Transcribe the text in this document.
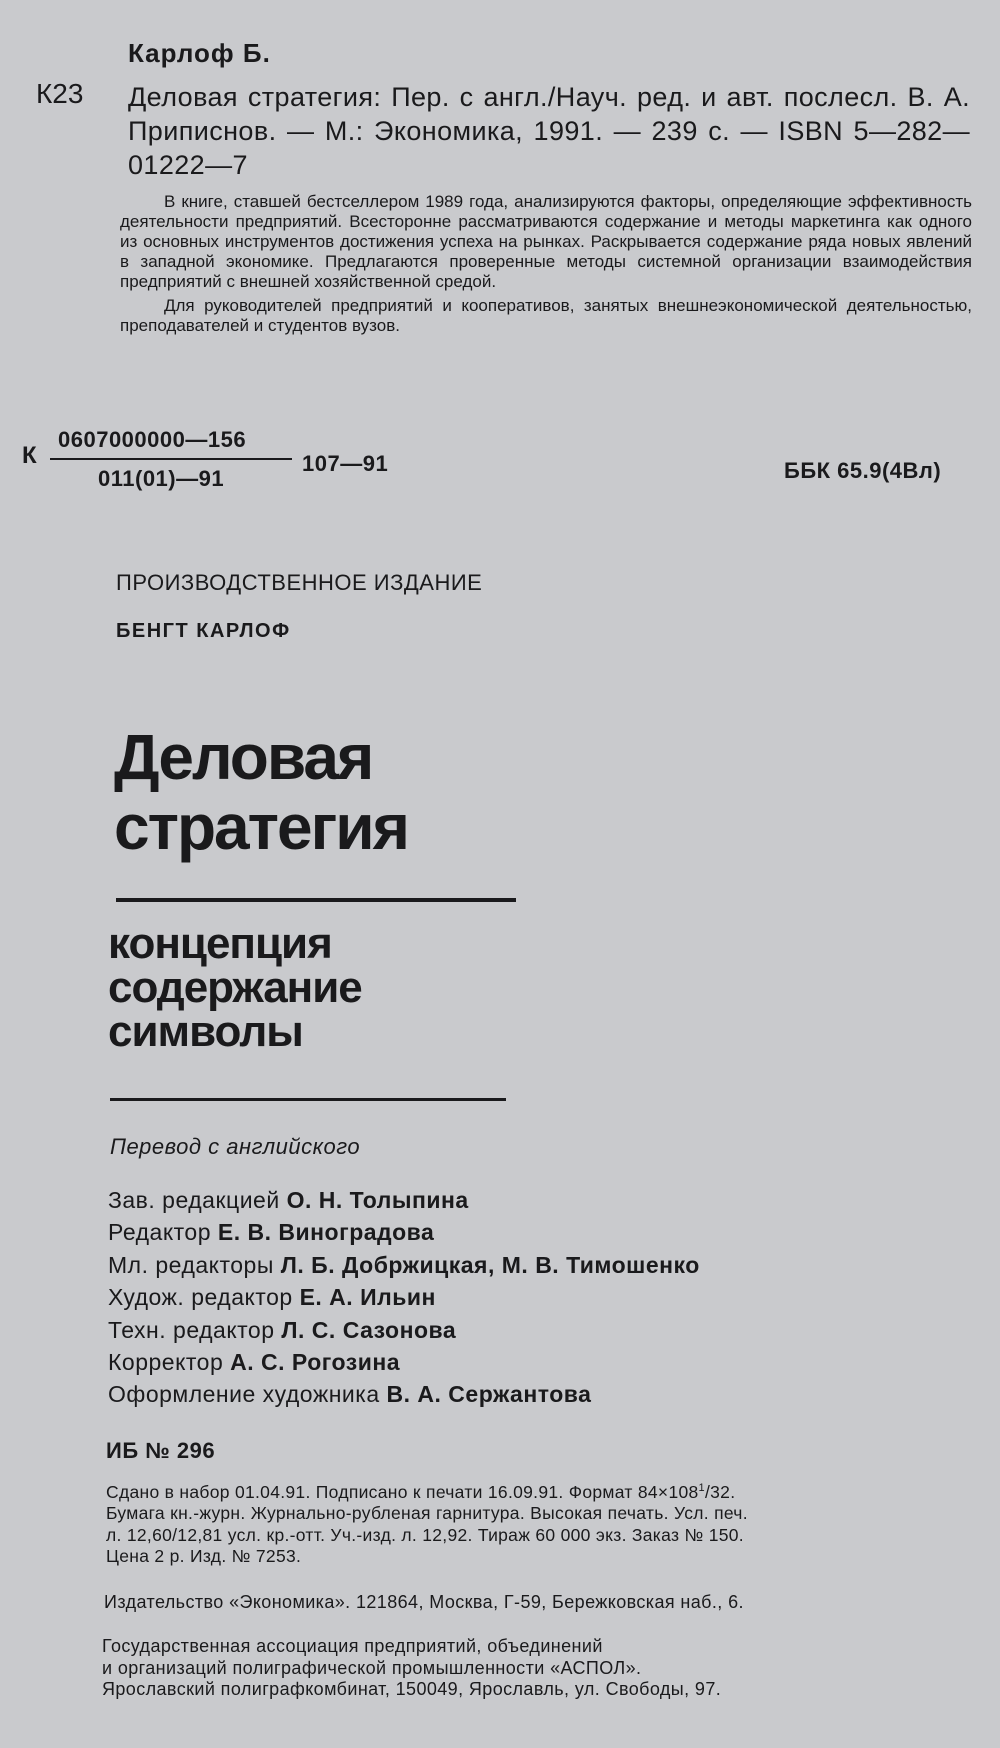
Карлоф Б.
К23 Деловая стратегия: Пер. с англ./Науч. ред. и авт. послесл. В. А. Приписнов. — М.: Экономика, 1991. — 239 с. — ISBN 5—282—01222—7

В книге, ставшей бестселлером 1989 года, анализируются факторы, определяющие эффективность деятельности предприятий. Всесторонне рассматриваются содержание и методы маркетинга как одного из основных инструментов достижения успеха на рынках. Раскрывается содержание ряда новых явлений в западной экономике. Предлагаются проверенные методы системной организации взаимодействия предприятий с внешней хозяйственной средой.

Для руководителей предприятий и кооперативов, занятых внешнеэкономической деятельностью, преподавателей и студентов вузов.

К
0607000000—156
011(01)—91
107—91	ББК 65.9(4Вл)
ПРОИЗВОДСТВЕННОЕ ИЗДАНИЕ
БЕНГТ КАРЛОФ
Деловая
стратегия
концепция
содержание
символы
Перевод с английского
Зав. редакцией О. Н. Толыпина
Редактор Е. В. Виноградова
Мл. редакторы Л. Б. Добржицкая, М. В. Тимошенко
Худож. редактор Е. А. Ильин
Техн. редактор Л. С. Сазонова
Корректор А. С. Рогозина
Оформление художника В. А. Сержантова
ИБ № 296
Сдано в набор 01.04.91. Подписано к печати 16.09.91. Формат $84\times 108^1/32$.
Бумага кн.-журн. Журнально-рубленая гарнитура. Высокая печать. Усл. печ.
л. 12,60/12,81 усл. кр.-отт. Уч.-изд. л. 12,92. Тираж 60 000 экз. Заказ № 150.
Цена 2 р. Изд. № 7253.
Издательство «Экономика». 121864, Москва, Г-59, Бережковская наб., 6.
Государственная ассоциация предприятий, объединений
и организаций полиграфической промышленности «АСПОЛ».
Ярославский полиграфкомбинат, 150049, Ярославль, ул. Свободы, 97.
